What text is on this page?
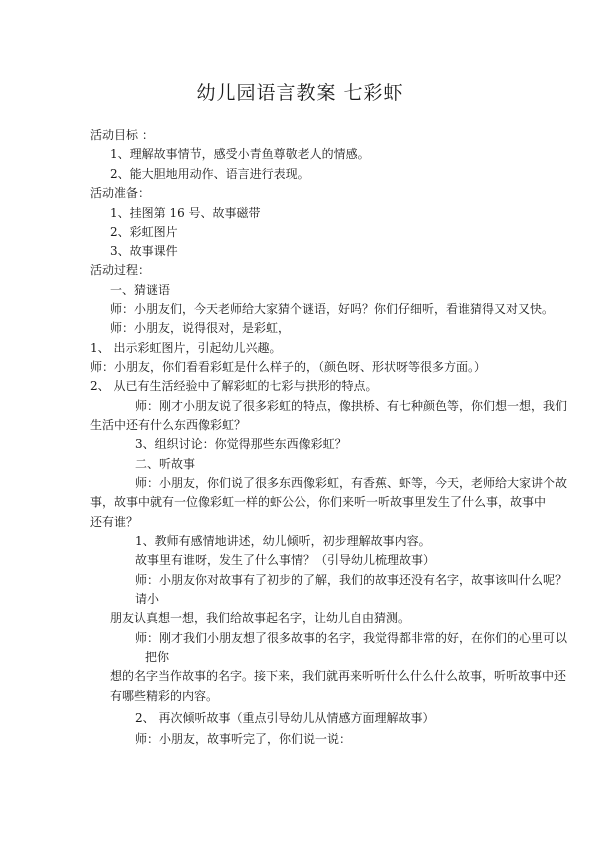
幼儿园语言教案 七彩虾
活动目标 ：
1、理解故事情节，感受小青鱼尊敬老人的情感。
2、能大胆地用动作、语言进行表现。
活动准备：
1、挂图第 16 号、故事磁带
2、彩虹图片
3、故事课件
活动过程：
一、猜谜语
师：小朋友们，今天老师给大家猜个谜语，好吗？你们仔细听，看谁猜得又对又快。
师：小朋友，说得很对，是彩虹，
1、 出示彩虹图片，引起幼儿兴趣。
师：小朋友，你们看看彩虹是什么样子的，（颜色呀、形状呀等很多方面。）
2、 从已有生活经验中了解彩虹的七彩与拱形的特点。
师：刚才小朋友说了很多彩虹的特点，像拱桥、有七种颜色等，你们想一想，我们
生活中还有什么东西像彩虹？
3、组织讨论：你觉得那些东西像彩虹？
二、听故事
师：小朋友，你们说了很多东西像彩虹，有香蕉、虾等，今天，老师给大家讲个故
事，故事中就有一位像彩虹一样的虾公公，你们来听一听故事里发生了什么事，故事中
还有谁？
1、教师有感情地讲述，幼儿倾听，初步理解故事内容。
故事里有谁呀，发生了什么事情？（引导幼儿梳理故事）
师：小朋友你对故事有了初步的了解，我们的故事还没有名字，故事该叫什么呢？
请小
朋友认真想一想，我们给故事起名字，让幼儿自由猜测。
师：刚才我们小朋友想了很多故事的名字，我觉得都非常的好，在你们的心里可以
把你
想的名字当作故事的名字。接下来，我们就再来听听什么什么什么故事，听听故事中还
有哪些精彩的内容。
2、 再次倾听故事（重点引导幼儿从情感方面理解故事）
师：小朋友，故事听完了，你们说一说：
